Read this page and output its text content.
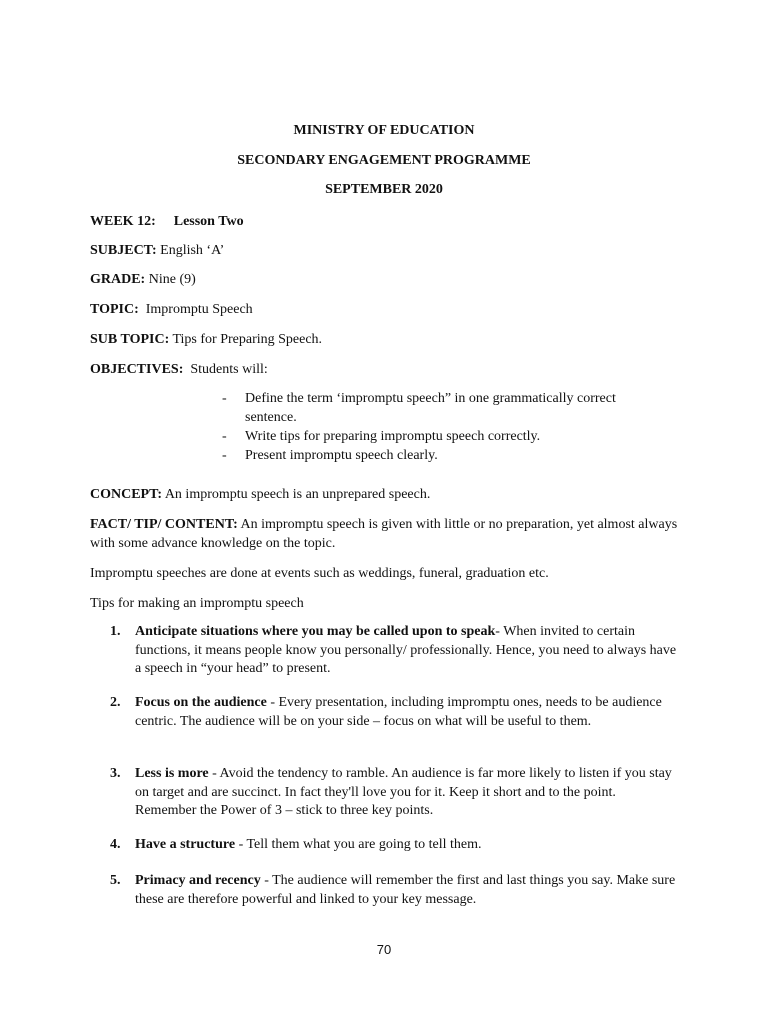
MINISTRY OF EDUCATION
SECONDARY ENGAGEMENT PROGRAMME
SEPTEMBER 2020
WEEK 12: Lesson Two
SUBJECT: English ‘A’
GRADE: Nine (9)
TOPIC: Impromptu Speech
SUB TOPIC: Tips for Preparing Speech.
OBJECTIVES: Students will:
- Define the term ‘impromptu speech” in one grammatically correct sentence.
- Write tips for preparing impromptu speech correctly.
- Present impromptu speech clearly.
CONCEPT: An impromptu speech is an unprepared speech.
FACT/ TIP/ CONTENT: An impromptu speech is given with little or no preparation, yet almost always with some advance knowledge on the topic.
Impromptu speeches are done at events such as weddings, funeral, graduation etc.
Tips for making an impromptu speech
1. Anticipate situations where you may be called upon to speak- When invited to certain functions, it means people know you personally/ professionally. Hence, you need to always have a speech in “your head” to present.
2. Focus on the audience - Every presentation, including impromptu ones, needs to be audience centric. The audience will be on your side – focus on what will be useful to them.
3. Less is more - Avoid the tendency to ramble. An audience is far more likely to listen if you stay on target and are succinct. In fact they'll love you for it. Keep it short and to the point. Remember the Power of 3 – stick to three key points.
4. Have a structure - Tell them what you are going to tell them.
5. Primacy and recency - The audience will remember the first and last things you say. Make sure these are therefore powerful and linked to your key message.
70
